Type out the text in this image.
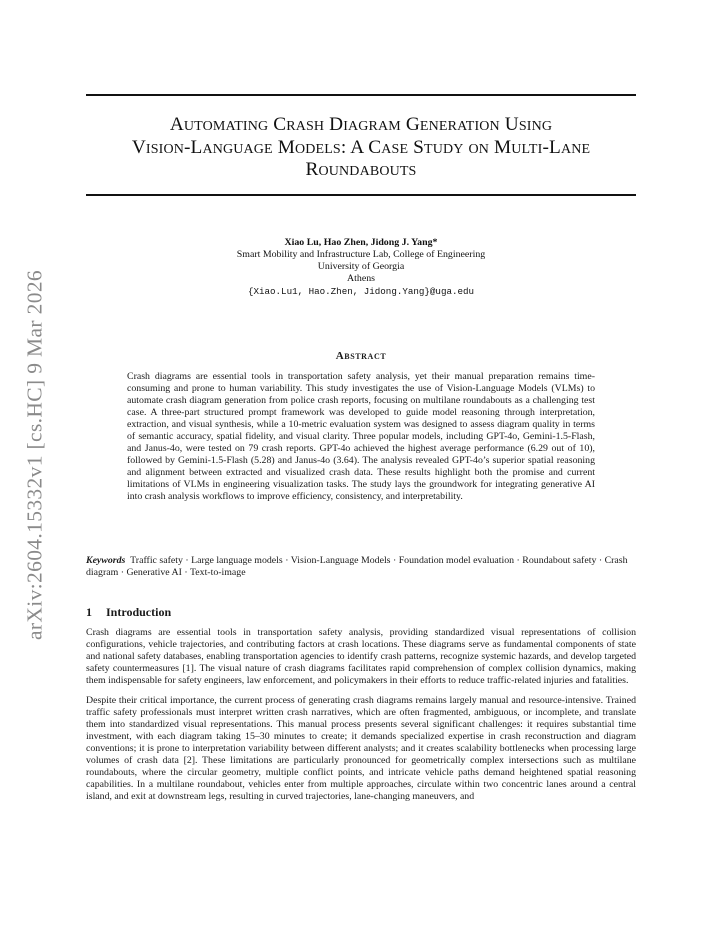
arXiv:2604.15332v1 [cs.HC] 9 Mar 2026
Automating Crash Diagram Generation Using
Vision-Language Models: A Case Study on Multi-Lane
Roundabouts
Xiao Lu, Hao Zhen, Jidong J. Yang*
Smart Mobility and Infrastructure Lab, College of Engineering
University of Georgia
Athens
{Xiao.Lu1, Hao.Zhen, Jidong.Yang}@uga.edu
Abstract
Crash diagrams are essential tools in transportation safety analysis, yet their manual preparation remains time-consuming and prone to human variability. This study investigates the use of Vision-Language Models (VLMs) to automate crash diagram generation from police crash reports, focusing on multilane roundabouts as a challenging test case. A three-part structured prompt framework was developed to guide model reasoning through interpretation, extraction, and visual synthesis, while a 10-metric evaluation system was designed to assess diagram quality in terms of semantic accuracy, spatial fidelity, and visual clarity. Three popular models, including GPT-4o, Gemini-1.5-Flash, and Janus-4o, were tested on 79 crash reports. GPT-4o achieved the highest average performance (6.29 out of 10), followed by Gemini-1.5-Flash (5.28) and Janus-4o (3.64). The analysis revealed GPT-4o’s superior spatial reasoning and alignment between extracted and visualized crash data. These results highlight both the promise and current limitations of VLMs in engineering visualization tasks. The study lays the groundwork for integrating generative AI into crash analysis workflows to improve efficiency, consistency, and interpretability.
Keywords Traffic safety · Large language models · Vision-Language Models · Foundation model evaluation · Roundabout safety · Crash diagram · Generative AI · Text-to-image
1 Introduction

Crash diagrams are essential tools in transportation safety analysis, providing standardized visual representations of collision configurations, vehicle trajectories, and contributing factors at crash locations. These diagrams serve as fundamental components of state and national safety databases, enabling transportation agencies to identify crash patterns, recognize systemic hazards, and develop targeted safety countermeasures [1]. The visual nature of crash diagrams facilitates rapid comprehension of complex collision dynamics, making them indispensable for safety engineers, law enforcement, and policymakers in their efforts to reduce traffic-related injuries and fatalities.

Despite their critical importance, the current process of generating crash diagrams remains largely manual and resource-intensive. Trained traffic safety professionals must interpret written crash narratives, which are often fragmented, ambiguous, or incomplete, and translate them into standardized visual representations. This manual process presents several significant challenges: it requires substantial time investment, with each diagram taking 15–30 minutes to create; it demands specialized expertise in crash reconstruction and diagram conventions; it is prone to interpretation variability between different analysts; and it creates scalability bottlenecks when processing large volumes of crash data [2]. These limitations are particularly pronounced for geometrically complex intersections such as multilane roundabouts, where the circular geometry, multiple conflict points, and intricate vehicle paths demand heightened spatial reasoning capabilities. In a multilane roundabout, vehicles enter from multiple approaches, circulate within two concentric lanes around a central island, and exit at downstream legs, resulting in curved trajectories, lane-changing maneuvers, and
